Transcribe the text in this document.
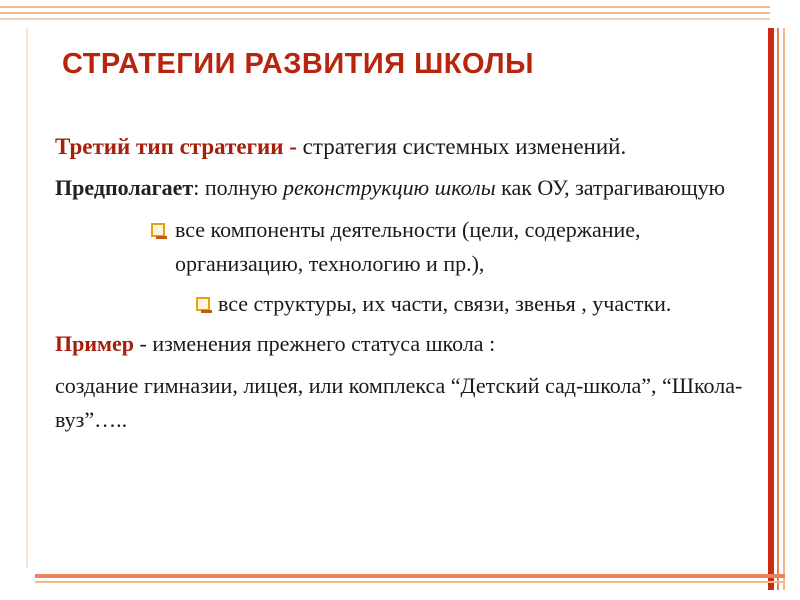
СТРАТЕГИИ РАЗВИТИЯ ШКОЛЫ
Третий тип стратегии - стратегия системных изменений.
Предполагает: полную реконструкцию школы как ОУ, затрагивающую
все компоненты деятельности (цели, содержание, организацию, технологию и пр.),
все структуры, их части, связи, звенья , участки.
Пример - изменения прежнего статуса школа :
создание гимназии, лицея, или комплекса “Детский сад-школа”, “Школа- вуз”…..
